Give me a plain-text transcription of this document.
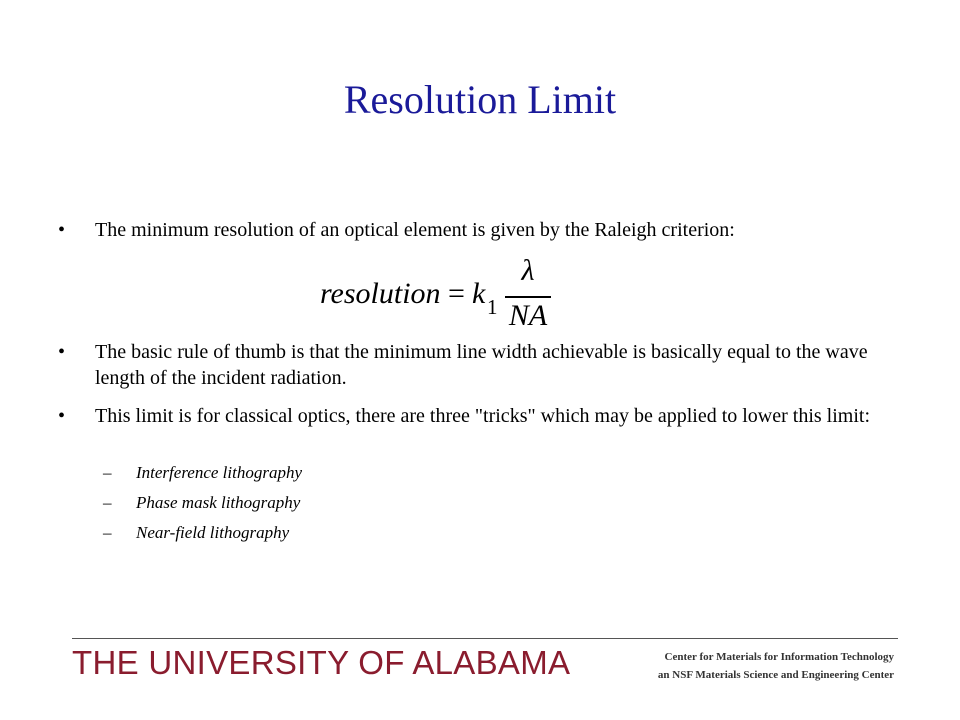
Resolution Limit
• The minimum resolution of an optical element is given by the Raleigh criterion:
resolution = k 1
λ
NA
• The basic rule of thumb is that the minimum line width achievable is basically equal to the wave length of the incident radiation.
• This limit is for classical optics, there are three "tricks" which may be applied to lower this limit:
– Interference lithography
– Phase mask lithography
– Near-field lithography
THE UNIVERSITY OF ALABAMA	Center for Materials for Information Technology
an NSF Materials Science and Engineering Center
